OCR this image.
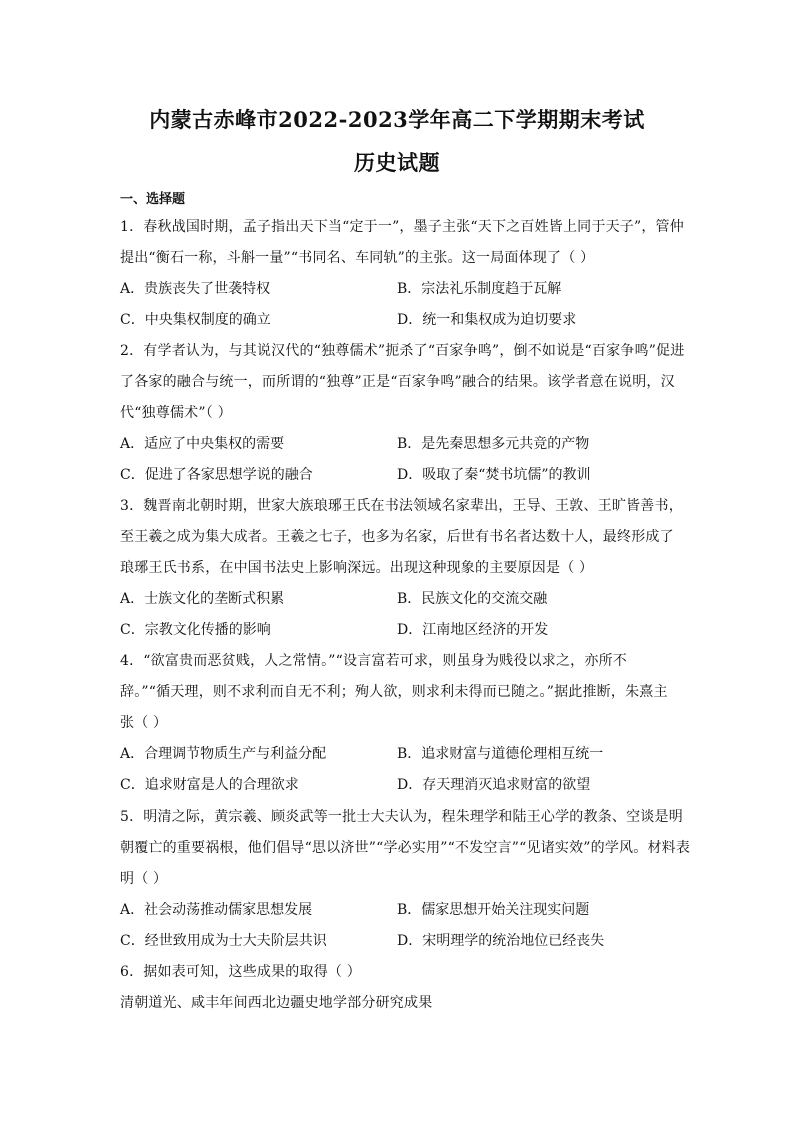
内蒙古赤峰市2022-2023学年高二下学期期末考试
历史试题
一、选择题
1．春秋战国时期，孟子指出天下当“定于一”，墨子主张“天下之百姓皆上同于天子”，管仲
提出“衡石一称，斗斛一量”“书同名、车同轨”的主张。这一局面体现了（ ）
A．贵族丧失了世袭特权	B．宗法礼乐制度趋于瓦解
C．中央集权制度的确立	D．统一和集权成为迫切要求
2．有学者认为，与其说汉代的“独尊儒术”扼杀了“百家争鸣”，倒不如说是“百家争鸣”促进
了各家的融合与统一，而所谓的“独尊”正是“百家争鸣”融合的结果。该学者意在说明，汉
代“独尊儒术”（ ）
A．适应了中央集权的需要	B．是先秦思想多元共竞的产物
C．促进了各家思想学说的融合	D．吸取了秦“焚书坑儒”的教训
3．魏晋南北朝时期，世家大族琅琊王氏在书法领域名家辈出，王导、王敦、王旷皆善书，
至王羲之成为集大成者。王羲之七子，也多为名家，后世有书名者达数十人，最终形成了
琅琊王氏书系，在中国书法史上影响深远。出现这种现象的主要原因是（ ）
A．士族文化的垄断式积累	B．民族文化的交流交融
C．宗教文化传播的影响	D．江南地区经济的开发
4．“欲富贵而恶贫贱，人之常情。”“设言富若可求，则虽身为贱役以求之，亦所不
辞。”“循天理，则不求利而自无不利；殉人欲，则求利未得而已随之。”据此推断，朱熹主
张（ ）
A．合理调节物质生产与利益分配	B．追求财富与道德伦理相互统一
C．追求财富是人的合理欲求	D．存天理消灭追求财富的欲望
5．明清之际，黄宗羲、顾炎武等一批士大夫认为，程朱理学和陆王心学的教条、空谈是明
朝覆亡的重要祸根，他们倡导“思以济世”“学必实用”“不发空言”“见诸实效”的学风。材料表
明（ ）
A．社会动荡推动儒家思想发展	B．儒家思想开始关注现实问题
C．经世致用成为士大夫阶层共识	D．宋明理学的统治地位已经丧失
6．据如表可知，这些成果的取得（ ）
清朝道光、咸丰年间西北边疆史地学部分研究成果
